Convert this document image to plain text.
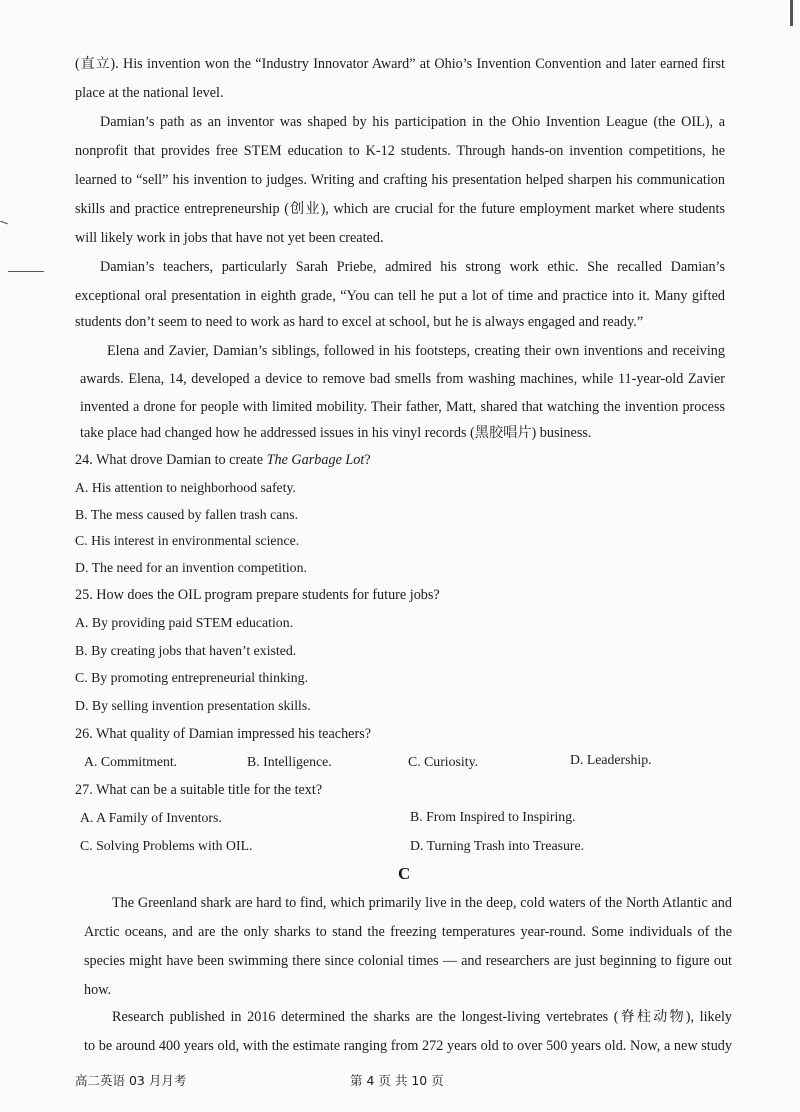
(直立). His invention won the “Industry Innovator Award” at Ohio’s Invention Convention and later earned first
place at the national level.
Damian’s path as an inventor was shaped by his participation in the Ohio Invention League (the OIL), a
nonprofit that provides free STEM education to K-12 students. Through hands-on invention competitions, he
learned to “sell” his invention to judges. Writing and crafting his presentation helped sharpen his communication
skills and practice entrepreneurship (创业), which are crucial for the future employment market where students
will likely work in jobs that have not yet been created.
Damian’s teachers, particularly Sarah Priebe, admired his strong work ethic. She recalled Damian’s
exceptional oral presentation in eighth grade, “You can tell he put a lot of time and practice into it. Many gifted
students don’t seem to need to work as hard to excel at school, but he is always engaged and ready.”
Elena and Zavier, Damian’s siblings, followed in his footsteps, creating their own inventions and receiving
awards. Elena, 14, developed a device to remove bad smells from washing machines, while 11-year-old Zavier
invented a drone for people with limited mobility. Their father, Matt, shared that watching the invention process
take place had changed how he addressed issues in his vinyl records (黑胶唱片) business.
24. What drove Damian to create The Garbage Lot?
A. His attention to neighborhood safety.
B. The mess caused by fallen trash cans.
C. His interest in environmental science.
D. The need for an invention competition.
25. How does the OIL program prepare students for future jobs?
A. By providing paid STEM education.
B. By creating jobs that haven’t existed.
C. By promoting entrepreneurial thinking.
D. By selling invention presentation skills.
26. What quality of Damian impressed his teachers?
A. Commitment.	B. Intelligence.	C. Curiosity.	D. Leadership.
27. What can be a suitable title for the text?
A. A Family of Inventors.	B. From Inspired to Inspiring.
C. Solving Problems with OIL.	D. Turning Trash into Treasure.
C
The Greenland shark are hard to find, which primarily live in the deep, cold waters of the North Atlantic and
Arctic oceans, and are the only sharks to stand the freezing temperatures year-round. Some individuals of the
species might have been swimming there since colonial times — and researchers are just beginning to figure out
how.
Research published in 2016 determined the sharks are the longest-living vertebrates (脊柱动物), likely
to be around 400 years old, with the estimate ranging from 272 years old to over 500 years old. Now, a new study
高二英语 03 月月考	第 4 页 共 10 页
